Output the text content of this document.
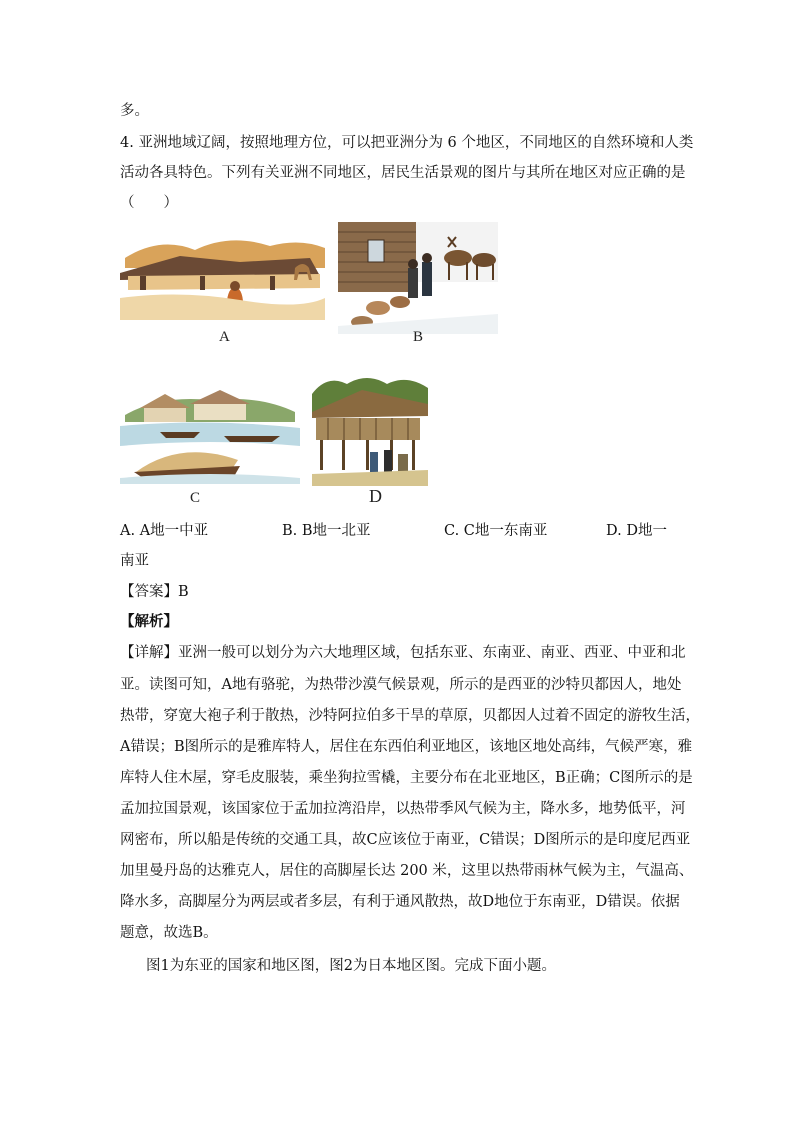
多。
4. 亚洲地域辽阔，按照地理方位，可以把亚洲分为 6 个地区，不同地区的自然环境和人类
活动各具特色。下列有关亚洲不同地区，居民生活景观的图片与其所在地区对应正确的是
（　　）
A	B
C	D
A. A地一中亚	B. B地一北亚	C. C地一东南亚	D. D地一
南亚
【答案】B
【解析】
【详解】亚洲一般可以划分为六大地理区域，包括东亚、东南亚、南亚、西亚、中亚和北
亚。读图可知，A地有骆驼，为热带沙漠气候景观，所示的是西亚的沙特贝都因人，地处
热带，穿宽大袍子利于散热，沙特阿拉伯多干旱的草原，贝都因人过着不固定的游牧生活，
A错误；B图所示的是雅库特人，居住在东西伯利亚地区，该地区地处高纬，气候严寒，雅
库特人住木屋，穿毛皮服装，乘坐狗拉雪橇，主要分布在北亚地区，B正确；C图所示的是
孟加拉国景观，该国家位于孟加拉湾沿岸，以热带季风气候为主，降水多，地势低平，河
网密布，所以船是传统的交通工具，故C应该位于南亚，C错误；D图所示的是印度尼西亚
加里曼丹岛的达雅克人，居住的高脚屋长达 200 米，这里以热带雨林气候为主，气温高、
降水多，高脚屋分为两层或者多层，有利于通风散热，故D地位于东南亚，D错误。依据
题意，故选B。
图1为东亚的国家和地区图，图2为日本地区图。完成下面小题。
